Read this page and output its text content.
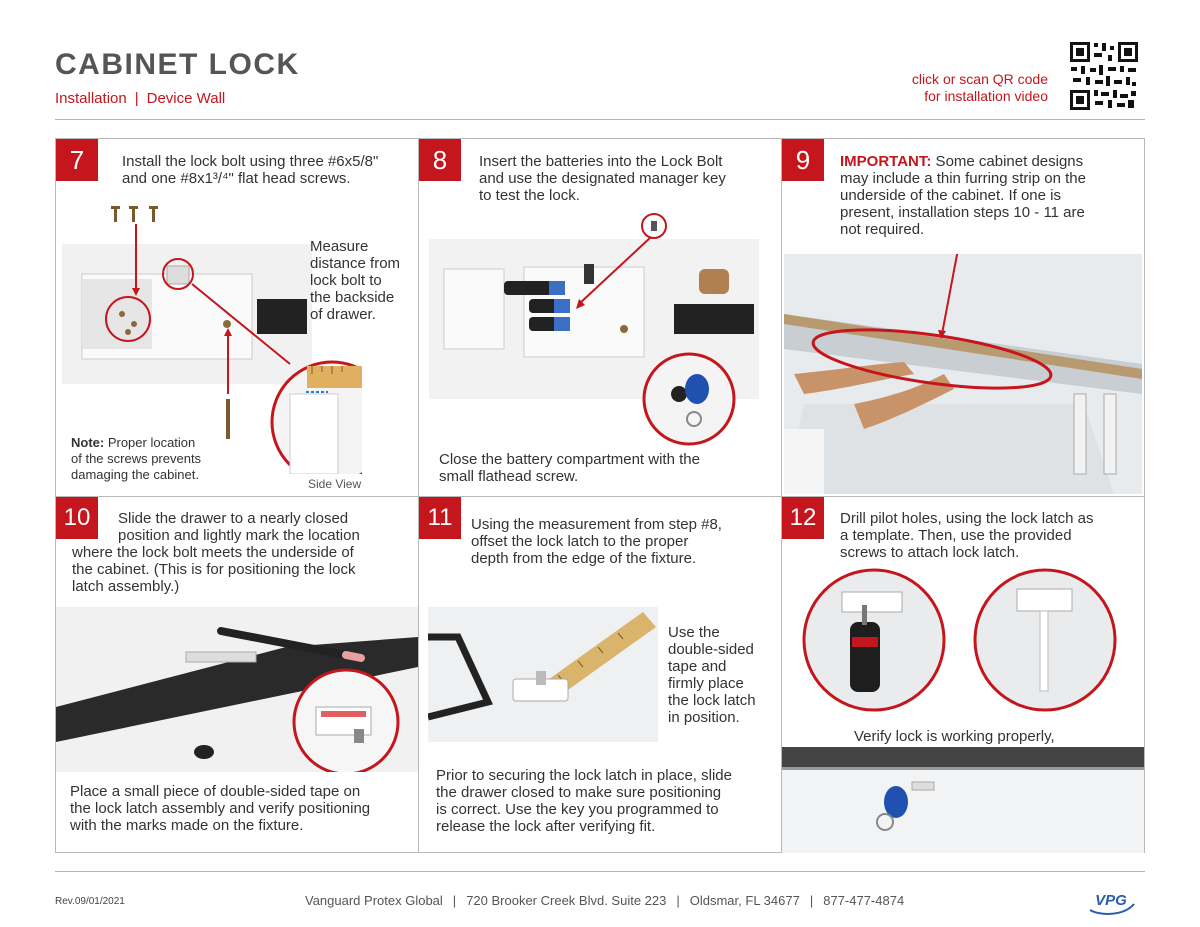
CABINET LOCK
Installation | Device Wall
click or scan QR code
for installation video
7	Install the lock bolt using three #6x5/8"
and one #8x1³/⁴" flat head screws.
Measure
distance from
lock bolt to
the backside
of drawer.
Note: Proper location
of the screws prevents
damaging the cabinet.
Side View
8	Insert the batteries into the Lock Bolt
and use the designated manager key
to test the lock.
Close the battery compartment with the
small flathead screw.
9	IMPORTANT: Some cabinet designs
may include a thin furring strip on the
underside of the cabinet. If one is
present, installation steps 10 - 11 are
not required.
10	Slide the drawer to a nearly closed
position and lightly mark the location
where the lock bolt meets the underside of
the cabinet. (This is for positioning the lock
latch assembly.)
Place a small piece of double-sided tape on
the lock latch assembly and verify positioning
with the marks made on the fixture.
11	Using the measurement from step #8,
offset the lock latch to the proper
depth from the edge of the fixture.
Use the
double-sided
tape and
firmly place
the lock latch
in position.
Prior to securing the lock latch in place, slide
the drawer closed to make sure positioning
is correct. Use the key you programmed to
release the lock after verifying fit.
12	Drill pilot holes, using the lock latch as
a template. Then, use the provided
screws to attach lock latch.
Verify lock is working properly,
Rev.09/01/2021	Vanguard Protex Global | 720 Brooker Creek Blvd. Suite 223 | Oldsmar, FL 34677 | 877-477-4874	VPG
